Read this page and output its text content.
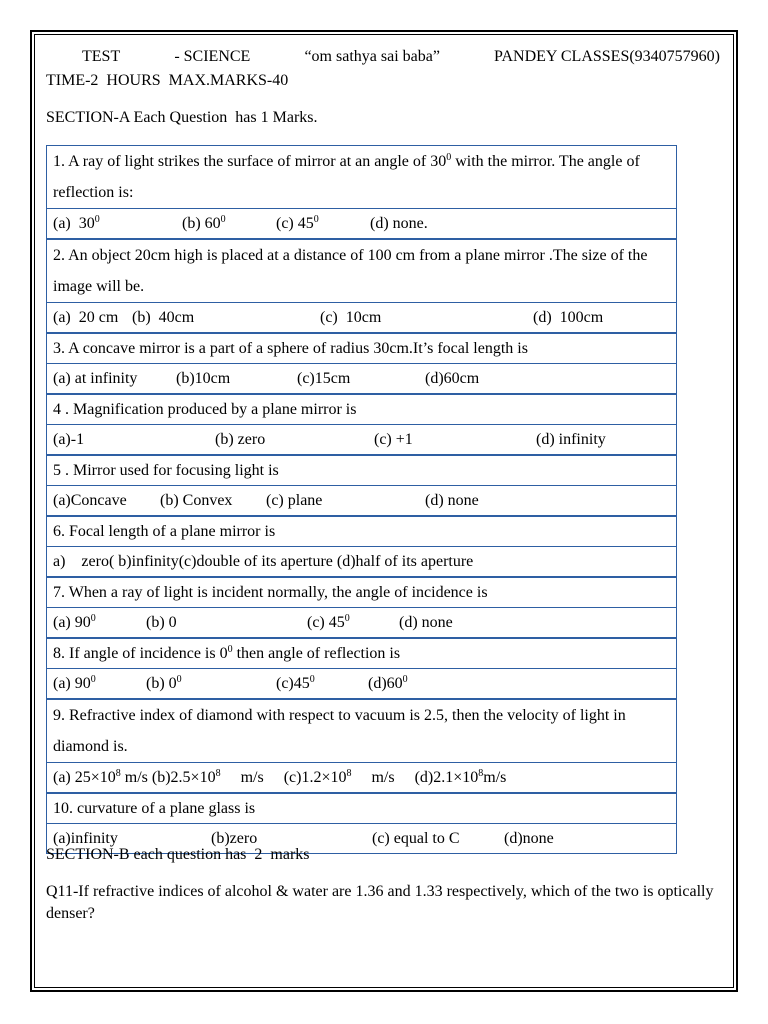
TEST	- SCIENCE	“om sathya sai baba”	PANDEY CLASSES(9340757960)
TIME-2  HOURS  MAX.MARKS-40
SECTION-A Each Question  has 1 Marks.
1. A ray of light strikes the surface of mirror at an angle of $30^0$ with the mirror. The angle of reflection is:

(a)  $30^0$	(b) $60^0$	(c) $45^0$	(d) none.

2. An object 20cm high is placed at a distance of 100 cm from a plane mirror .The size of the image will be.

(a)  20 cm (b)  40cm	(c)  10cm	(d)  100cm

3. A concave mirror is a part of a sphere of radius 30cm.It’s focal length is

(a) at infinity	(b)10cm	(c)15cm	(d)60cm

4 . Magnification produced by a plane mirror is

(a)-1	(b) zero	(c) +1	(d) infinity

5 . Mirror used for focusing light is

(a)Concave	(b) Convex	(c) plane	(d) none

6. Focal length of a plane mirror is

a)    zero( b)infinity(c)double of its aperture (d)half of its aperture

7. When a ray of light is incident normally, the angle of incidence is

(a) $90^0$	(b) 0	(c) $45^0$	(d) none

8. If angle of incidence is $0^0$ then angle of reflection is

(a) $90^0$	(b) $0^0$	$(c)45^0$	$(d)60^0$

9. Refractive index of diamond with respect to vacuum is 2.5, then the velocity of light in diamond is.

(a) $25\times 10^8$ m/s $(b)2.5\times 10^8$ m/s     $(c)1.2\times 10^8$ m/s     $(d)2.1\times 10^8$ m/s

10. curvature of a plane glass is

(a)infinity	(b)zero	(c) equal to C	(d)none
SECTION-B each question has  2  marks
Q11-If refractive indices of alcohol & water are 1.36 and 1.33 respectively, which of the two is optically denser?
